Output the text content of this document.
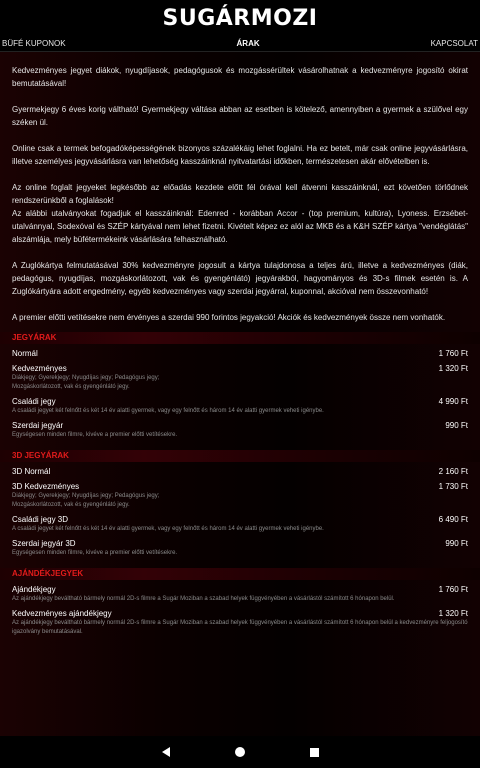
SUGÁRMOZI
BÜFÉ KUPONOK	ÁRAK	KAPCSOLAT

Kedvezményes jegyet diákok, nyugdíjasok, pedagógusok és mozgássérültek vásárolhatnak a kedvezményre jogosító okirat bemutatásával!

Gyermekjegy 6 éves korig váltható! Gyermekjegy váltása abban az esetben is kötelező, amennyiben a gyermek a szülővel egy széken ül.

Online csak a termek befogadóképességének bizonyos százalékáig lehet foglalni. Ha ez betelt, már csak online jegyvásárlásra, illetve személyes jegyvásárlásra van lehetőség kasszáinknál nyitvatartási időkben, természetesen akár elővételben is.

Az online foglalt jegyeket legkésőbb az előadás kezdete előtt fél órával kell átvenni kasszáinknál, ezt követően törlődnek rendszerünkből a foglalások!
Az alábbi utalványokat fogadjuk el kasszáinknál: Edenred - korábban Accor - (top premium, kultúra), Lyoness. Erzsébet-utalvánnyal, Sodexóval és SZÉP kártyával nem lehet fizetni. Kivételt képez ez alól az MKB és a K&H SZÉP kártya "vendéglátás" alszámlája, mely büfétermékeink vásárlására felhasználható.

A Zuglókártya felmutatásával 30% kedvezményre jogosult a kártya tulajdonosa a teljes árú, illetve a kedvezményes (diák, pedagógus, nyugdíjas, mozgáskorlátozott, vak és gyengénlátó) jegyárakból, hagyományos és 3D-s filmek esetén is. A Zuglókártyára adott engedmény, egyéb kedvezményes vagy szerdai jegyárral, kuponnal, akcióval nem összevonható!

A premier előtti vetítésekre nem érvényes a szerdai 990 forintos jegyakció! Akciók és kedvezmények össze nem vonhatók.

JEGYÁRAK
Normál	1 760 Ft
Kedvezményes	1 320 Ft
Diákjegy; Gyerekjegy; Nyugdíjas jegy; Pedagógus jegy;
Mozgáskorlátozott, vak és gyengénlátó jegy.
Családi jegy	4 990 Ft
A családi jegyet két felnőtt és két 14 év alatti gyermek, vagy egy felnőtt és három 14 év alatti gyermek veheti igénybe.
Szerdai jegyár	990 Ft
Egységesen minden filmre, kivéve a premier előtti vetítésekre.
3D JEGYÁRAK
3D Normál	2 160 Ft
3D Kedvezményes	1 730 Ft
Diákjegy; Gyerekjegy; Nyugdíjas jegy; Pedagógus jegy;
Mozgáskorlátozott, vak és gyengénlátó jegy.
Családi jegy 3D	6 490 Ft
A családi jegyet két felnőtt és két 14 év alatti gyermek, vagy egy felnőtt és három 14 év alatti gyermek veheti igénybe.
Szerdai jegyár 3D	990 Ft
Egységesen minden filmre, kivéve a premier előtti vetítésekre.
AJÁNDÉKJEGYEK
Ajándékjegy	1 760 Ft
Az ajándékjegy beváltható bármely normál 2D-s filmre a Sugár Moziban a szabad helyek függvényében a vásárlástól számított 6 hónapon belül.
Kedvezményes ajándékjegy	1 320 Ft
Az ajándékjegy beváltható bármely normál 2D-s filmre a Sugár Moziban a szabad helyek függvényében a vásárlástól számított 6 hónapon belül a kedvezményre feljogosító igazolvány bemutatásával.
